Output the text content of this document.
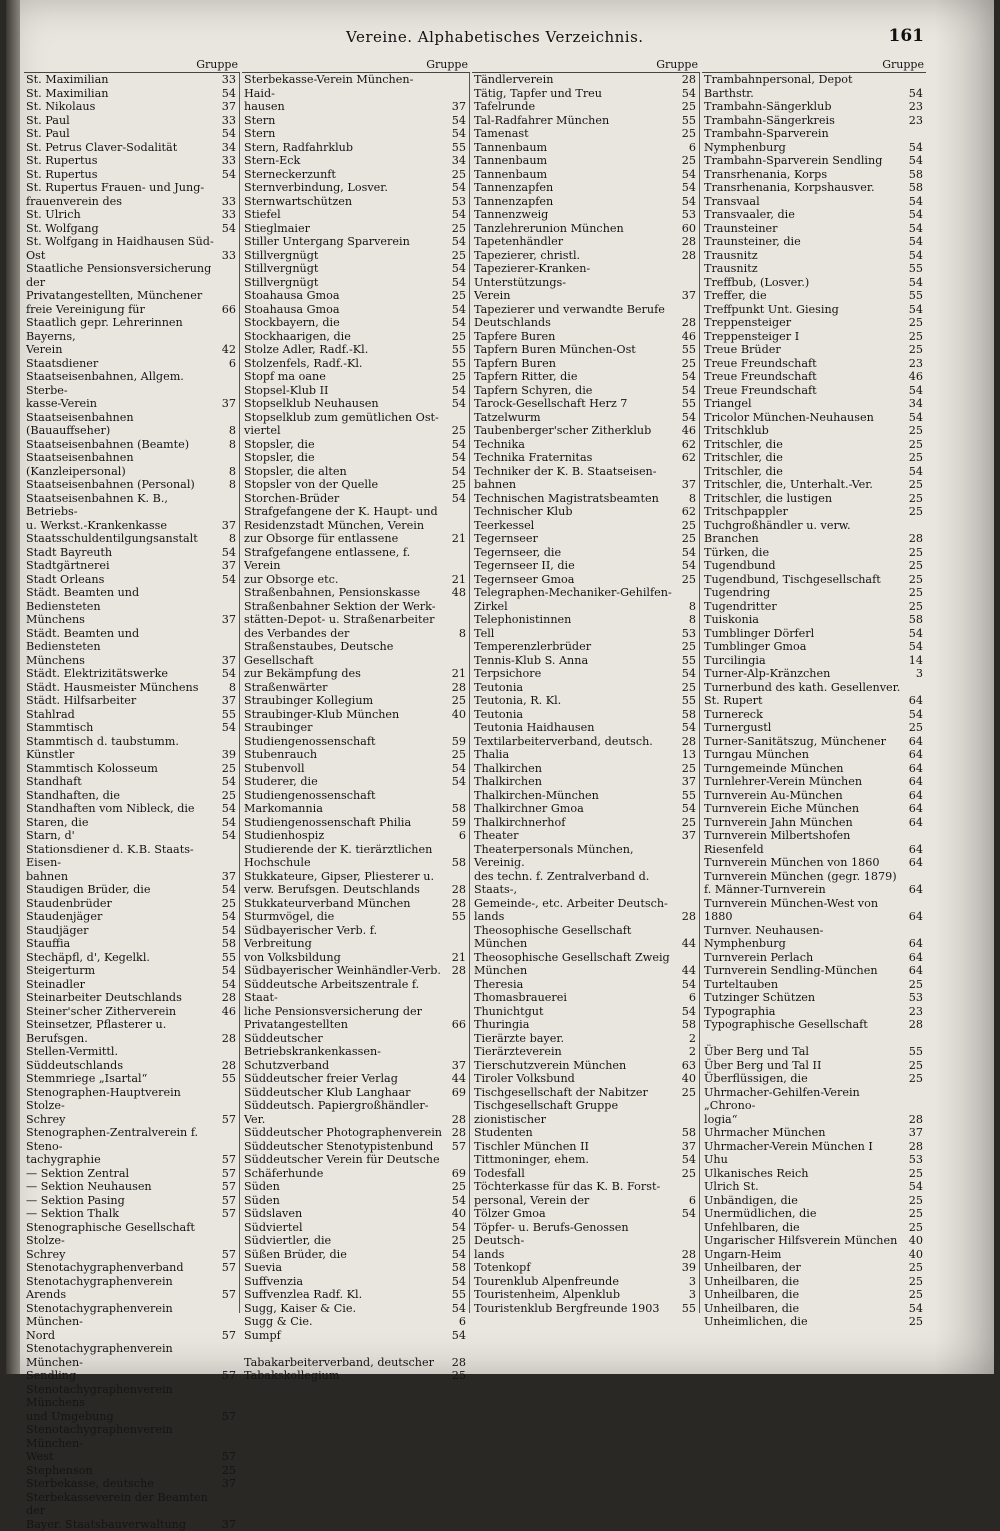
Vereine. Alphabetisches Verzeichnis.	161
Gruppe
St. Maximilian	33
St. Maximilian	54
St. Nikolaus	37
St. Paul	33
St. Paul	54
St. Petrus Claver-Sodalität	34
St. Rupertus	33
St. Rupertus	54
St. Rupertus Frauen- und Jung-
frauenverein des	33
St. Ulrich	33
St. Wolfgang	54
St. Wolfgang in Haidhausen Süd-
Ost	33
Staatliche Pensionsversicherung der
Privatangestellten, Münchener
freie Vereinigung für	66
Staatlich gepr. Lehrerinnen Bayerns,
Verein	42
Staatsdiener	6
Staatseisenbahnen, Allgem. Sterbe-
kasse-Verein	37
Staatseisenbahnen (Bauauffseher)	8
Staatseisenbahnen (Beamte)	8
Staatseisenbahnen (Kanzleipersonal)	8
Staatseisenbahnen (Personal)	8
Staatseisenbahnen K. B., Betriebs-
u. Werkst.-Krankenkasse	37
Staatsschuldentilgungsanstalt	8
Stadt Bayreuth	54
Stadtgärtnerei	37
Stadt Orleans	54
Städt. Beamten und Bediensteten
Münchens	37
Städt. Beamten und Bediensteten
Münchens	37
Städt. Elektrizitätswerke	54
Städt. Hausmeister Münchens	8
Städt. Hilfsarbeiter	37
Stahlrad	55
Stammtisch	54
Stammtisch d. taubstumm. Künstler	39
Stammtisch Kolosseum	25
Standhaft	54
Standhaften, die	25
Standhaften vom Nibleck, die	54
Staren, die	54
Starn, d'	54
Stationsdiener d. K.B. Staats-Eisen-
bahnen	37
Staudigen Brüder, die	54
Staudenbrüder	25
Staudenjäger	54
Staudjäger	54
Stauffia	58
Stechäpfl, d', Kegelkl.	55
Steigerturm	54
Steinadler	54
Steinarbeiter Deutschlands	28
Steiner'scher Zitherverein	46
Steinsetzer, Pflasterer u. Berufsgen.	28
Stellen-Vermittl. Süddeutschlands	28
Stemmriege „Isartal“	55
Stenographen-Hauptverein Stolze-
Schrey	57
Stenographen-Zentralverein f. Steno-
tachygraphie	57
— Sektion Zentral	57
— Sektion Neuhausen	57
— Sektion Pasing	57
— Sektion Thalk	57
Stenographische Gesellschaft Stolze-
Schrey	57
Stenotachygraphenverband	57
Stenotachygraphenverein Arends	57
Stenotachygraphenverein München-
Nord	57
Stenotachygraphenverein München-
Sendling	57
Stenotachygraphenverein Münchens
und Umgebung	57
Stenotachygraphenverein München-
West	57
Stephenson	25
Sterbekasse, deutsche	37
Sterbekasseverein der Beamten der
Bayer. Staatsbauverwaltung	37
Gruppe
Sterbekasse-Verein München-Haid-
hausen	37
Stern	54
Stern	54
Stern, Radfahrklub	55
Stern-Eck	34
Sterneckerzunft	25
Sternverbindung, Losver.	54
Sternwartschützen	53
Stiefel	54
Stieglmaier	25
Stiller Untergang Sparverein	54
Stillvergnügt	25
Stillvergnügt	54
Stillvergnügt	54
Stoahausa Gmoa	25
Stoahausa Gmoa	54
Stockbayern, die	54
Stockhaarigen, die	25
Stolze Adler, Radf.-Kl.	55
Stolzenfels, Radf.-Kl.	55
Stopf ma oane	25
Stopsel-Klub II	54
Stopselklub Neuhausen	54
Stopselklub zum gemütlichen Ost-
viertel	25
Stopsler, die	54
Stopsler, die	54
Stopsler, die alten	54
Stopsler von der Quelle	25
Storchen-Brüder	54
Strafgefangene der K. Haupt- und
Residenzstadt München, Verein
zur Obsorge für entlassene	21
Strafgefangene entlassene, f. Verein
zur Obsorge etc.	21
Straßenbahnen, Pensionskasse	48
Straßenbahner Sektion der Werk-
stätten-Depot- u. Straßenarbeiter
des Verbandes der	8
Straßenstaubes, Deutsche Gesellschaft
zur Bekämpfung des	21
Straßenwärter	28
Straubinger Kollegium	25
Straubinger-Klub München	40
Straubinger Studiengenossenschaft	59
Stubenrauch	25
Stubenvoll	54
Studerer, die	54
Studiengenossenschaft Markomannia	58
Studiengenossenschaft Philia	59
Studienhospiz	6
Studierende der K. tierärztlichen
Hochschule	58
Stukkateure, Gipser, Pliesterer u.
verw. Berufsgen. Deutschlands	28
Stukkateurverband München	28
Sturmvögel, die	55
Südbayerischer Verb. f. Verbreitung
von Volksbildung	21
Südbayerischer Weinhändler-Verb. 28
Süddeutsche Arbeitszentrale f. Staat-
liche Pensionsversicherung der
Privatangestellten	66
Süddeutscher Betriebskrankenkassen-
Schutzverband	37
Süddeutscher freier Verlag	44
Süddeutscher Klub Langhaar	69
Süddeutsch. Papiergroßhändler-Ver.	28
Süddeutscher Photographenverein 28
Süddeutscher Stenotypistenbund	57
Süddeutscher Verein für Deutsche
Schäferhunde	69
Süden	25
Süden	54
Südslaven	40
Südviertel	54
Südviertler, die	25
Süßen Brüder, die	54
Suevia	58
Suffvenzia	54
Suffvenzlea Radf. Kl.	55
Sugg, Kaiser & Cie.	54
Sugg & Cie.	6
Sumpf	54
Tabakarbeiterverband, deutscher	28
Tabakskollegium	25
Gruppe
Tändlerverein	28
Tätig, Tapfer und Treu	54
Tafelrunde	25
Tal-Radfahrer München	55
Tamenast	25
Tannenbaum	6
Tannenbaum	25
Tannenbaum	54
Tannenzapfen	54
Tannenzapfen	54
Tannenzweig	53
Tanzlehrerunion München	60
Tapetenhändler	28
Tapezierer, christl.	28
Tapezierer-Kranken-Unterstützungs-
Verein	37
Tapezierer und verwandte Berufe
Deutschlands	28
Tapfere Buren	46
Tapfern Buren München-Ost	55
Tapfern Buren	25
Tapfern Ritter, die	54
Tapfern Schyren, die	54
Tarock-Gesellschaft Herz 7	55
Tatzelwurm	54
Taubenberger'scher Zitherklub	46
Technika	62
Technika Fraternitas	62
Techniker der K. B. Staatseisen-
bahnen	37
Technischen Magistratsbeamten	8
Technischer Klub	62
Teerkessel	25
Tegernseer	25
Tegernseer, die	54
Tegernseer II, die	54
Tegernseer Gmoa	25
Telegraphen-Mechaniker-Gehilfen-
Zirkel	8
Telephonistinnen	8
Tell	53
Temperenzlerbrüder	25
Tennis-Klub S. Anna	55
Terpsichore	54
Teutonia	25
Teutonia, R. Kl.	55
Teutonia	58
Teutonia Haidhausen	54
Textilarbeiterverband, deutsch.	28
Thalia	13
Thalkirchen	25
Thalkirchen	37
Thalkirchen-München	55
Thalkirchner Gmoa	54
Thalkirchnerhof	25
Theater	37
Theaterpersonals München, Vereinig.
des techn. f. Zentralverband d. Staats-,
Gemeinde-, etc. Arbeiter Deutsch-
lands	28
Theosophische Gesellschaft München	44
Theosophische Gesellschaft Zweig
München	44
Theresia	54
Thomasbrauerei	6
Thunichtgut	54
Thuringia	58
Tierärzte bayer.	2
Tierärzteverein	2
Tierschutzverein München	63
Tiroler Volksbund	40
Tischgesellschaft der Nabitzer	25
Tischgesellschaft Gruppe zionistischer
Studenten	58
Tischler München II	37
Tittmoninger, ehem.	54
Todesfall	25
Töchterkasse für das K. B. Forst-
personal, Verein der	6
Tölzer Gmoa	54
Töpfer- u. Berufs-Genossen Deutsch-
lands	28
Totenkopf	39
Tourenklub Alpenfreunde	3
Touristenheim, Alpenklub	3
Touristenklub Bergfreunde 1903	55
Gruppe
Trambahnpersonal, Depot Barthstr.	54
Trambahn-Sängerklub	23
Trambahn-Sängerkreis	23
Trambahn-Sparverein Nymphenburg	54
Trambahn-Sparverein Sendling	54
Transrhenania, Korps	58
Transrhenania, Korpshausver.	58
Transvaal	54
Transvaaler, die	54
Traunsteiner	54
Traunsteiner, die	54
Trausnitz	54
Trausnitz	55
Treffbub, (Losver.)	54
Treffer, die	55
Treffpunkt Unt. Giesing	54
Treppensteiger	25
Treppensteiger I	25
Treue Brüder	25
Treue Freundschaft	23
Treue Freundschaft	46
Treue Freundschaft	54
Triangel	34
Tricolor München-Neuhausen	54
Tritschklub	25
Tritschler, die	25
Tritschler, die	25
Tritschler, die	54
Tritschler, die, Unterhalt.-Ver.	25
Tritschler, die lustigen	25
Tritschpappler	25
Tuchgroßhändler u. verw. Branchen	28
Türken, die	25
Tugendbund	25
Tugendbund, Tischgesellschaft	25
Tugendring	25
Tugendritter	25
Tuiskonia	58
Tumblinger Dörferl	54
Tumblinger Gmoa	54
Turcilingia	14
Turner-Alp-Kränzchen	3
Turnerbund des kath. Gesellenver.
St. Rupert	64
Turnereck	54
Turnergustl	25
Turner-Sanitätszug, Münchener	64
Turngau München	64
Turngemeinde München	64
Turnlehrer-Verein München	64
Turnverein Au-München	64
Turnverein Eiche München	64
Turnverein Jahn München	64
Turnverein Milbertshofen Riesenfeld	64
Turnverein München von 1860	64
Turnverein München (gegr. 1879)
f. Männer-Turnverein	64
Turnverein München-West von 1880	64
Turnver. Neuhausen-Nymphenburg	64
Turnverein Perlach	64
Turnverein Sendling-München	64
Turteltauben	25
Tutzinger Schützen	53
Typographia	23
Typographische Gesellschaft	28
Über Berg und Tal	55
Über Berg und Tal II	25
Überflüssigen, die	25
Uhrmacher-Gehilfen-Verein „Chrono-
logia“	28
Uhrmacher München	37
Uhrmacher-Verein München I	28
Uhu	53
Ulkanisches Reich	25
Ulrich St.	54
Unbändigen, die	25
Unermüdlichen, die	25
Unfehlbaren, die	25
Ungarischer Hilfsverein München	40
Ungarn-Heim	40
Unheilbaren, der	25
Unheilbaren, die	25
Unheilbaren, die	25
Unheilbaren, die	54
Unheimlichen, die	25
